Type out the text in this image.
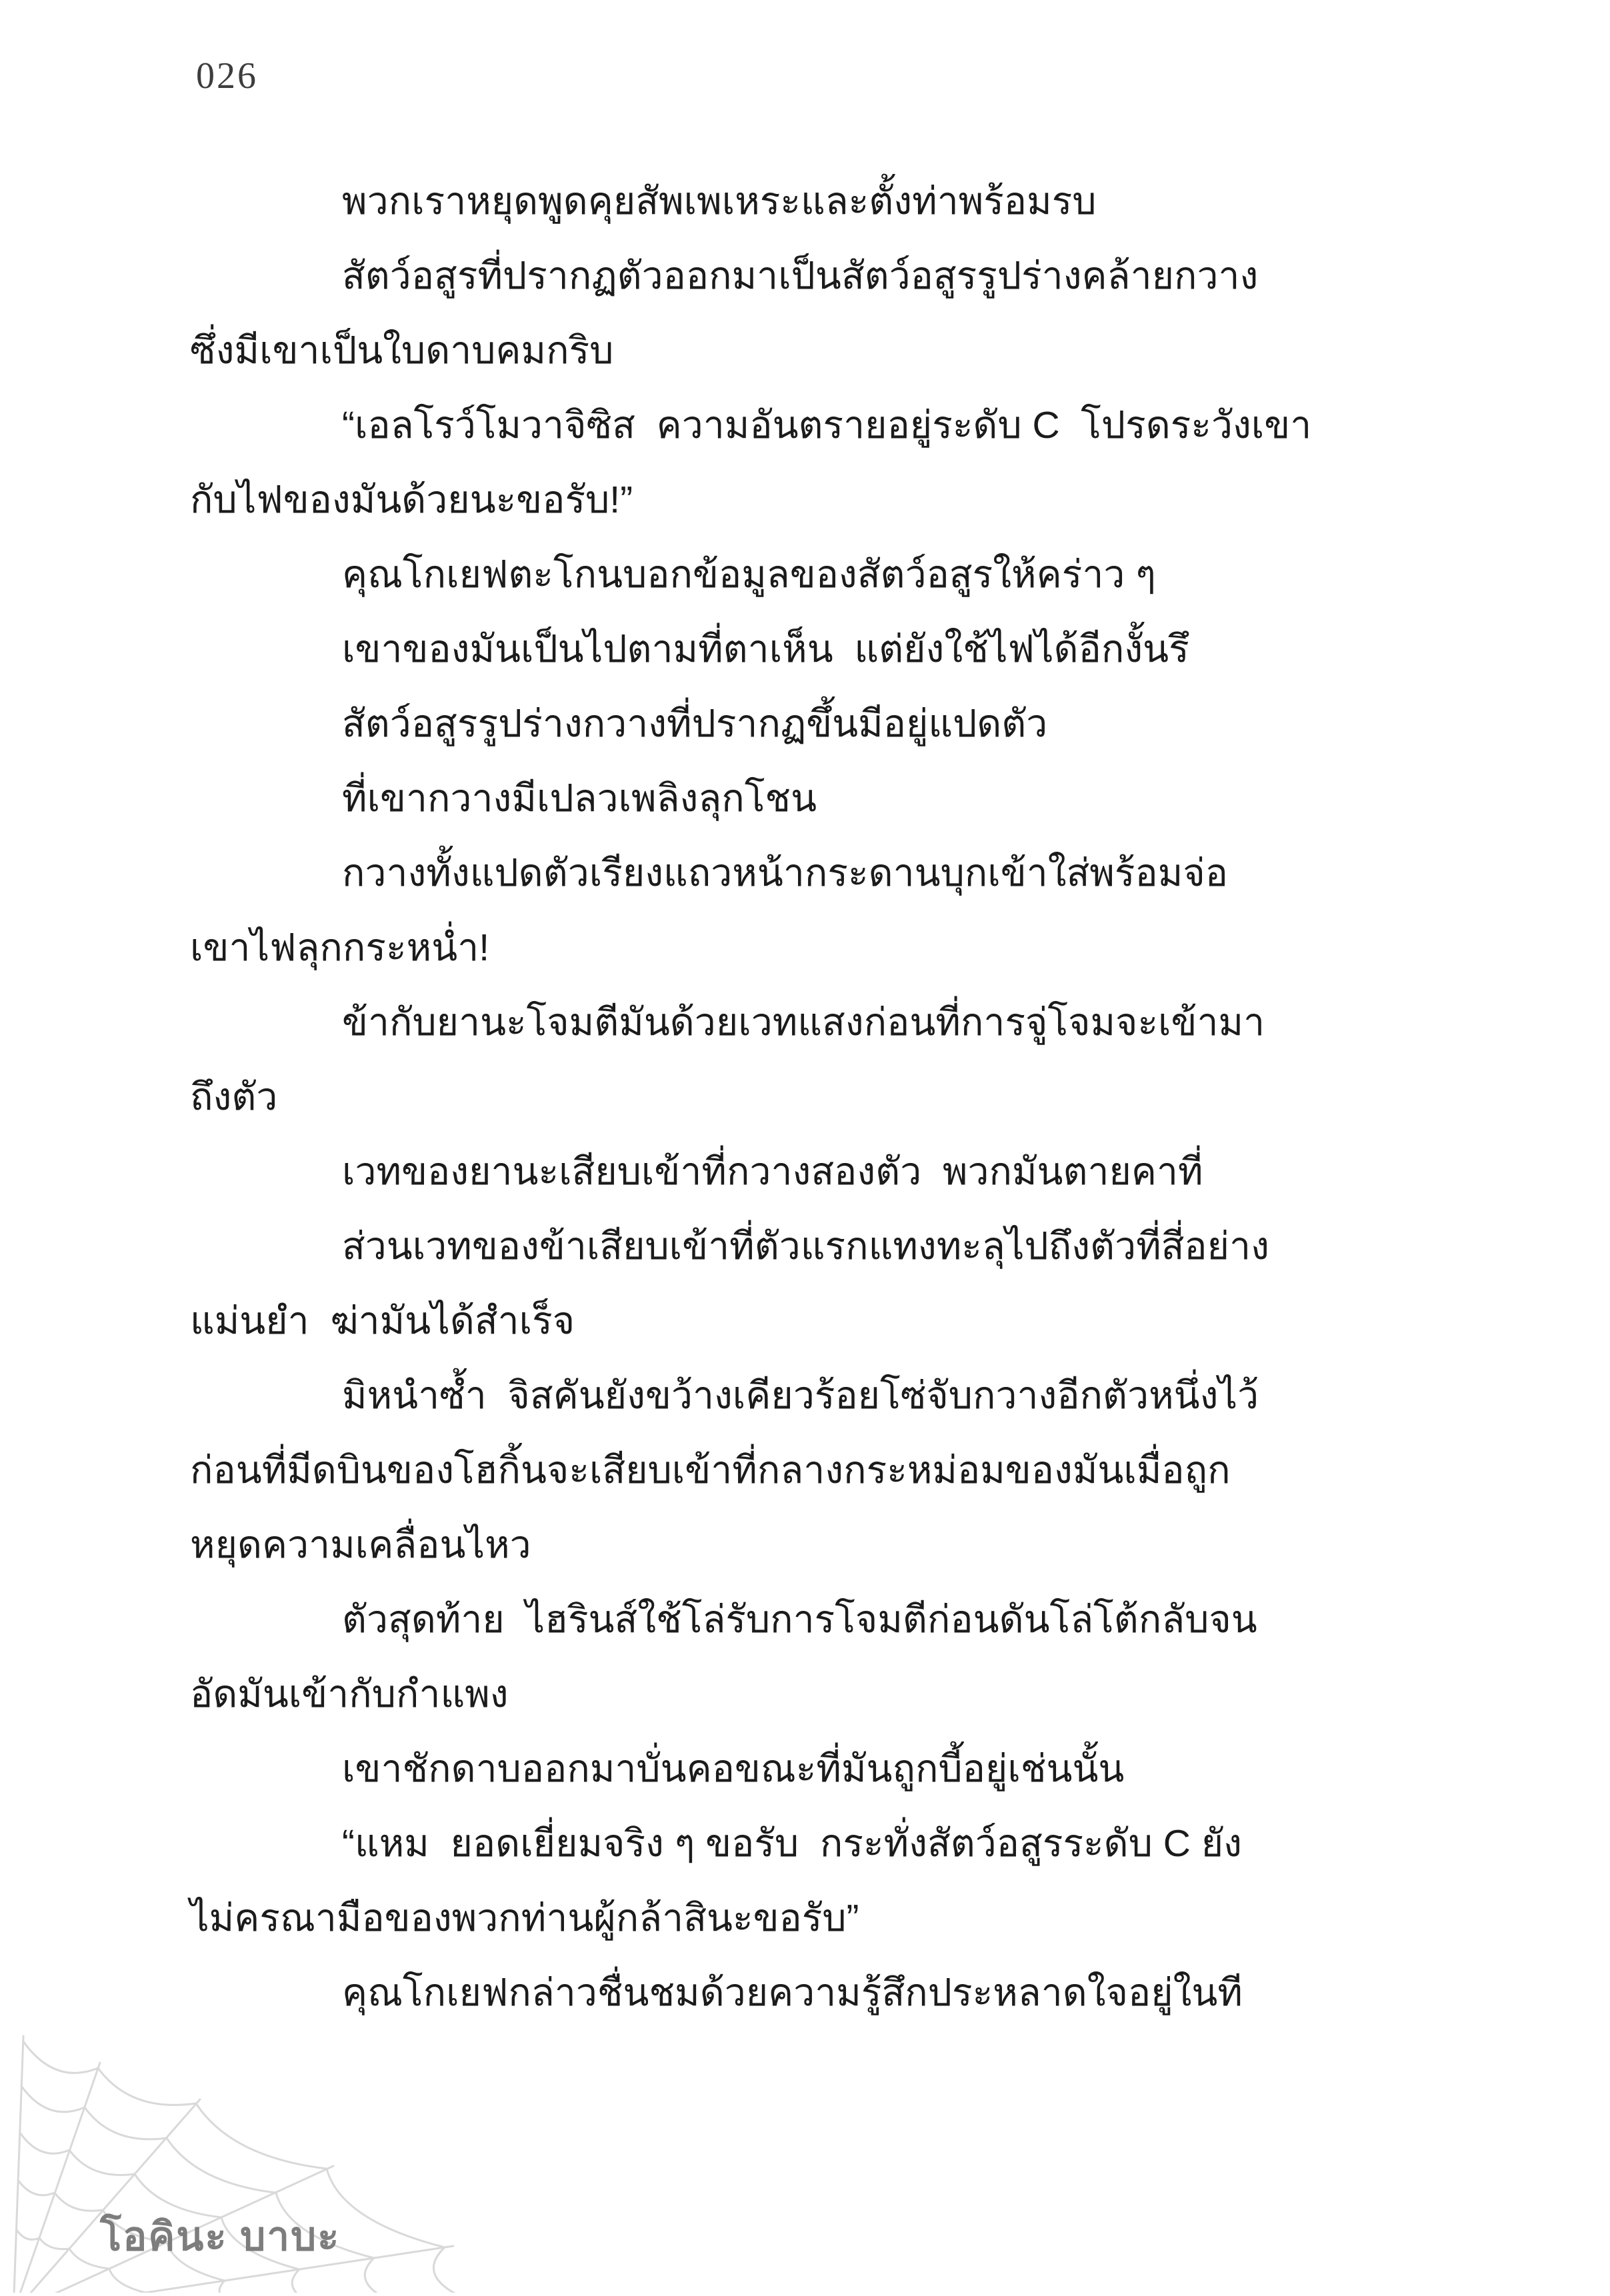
026
พวกเราหยุดพูดคุยสัพเพเหระและตั้งท่าพร้อมรบ
สัตว์อสูรที่ปรากฏตัวออกมาเป็นสัตว์อสูรรูปร่างคล้ายกวาง
ซึ่งมีเขาเป็นใบดาบคมกริบ
“เอลโรว์โมวาจิซิส  ความอันตรายอยู่ระดับ C  โปรดระวังเขา
กับไฟของมันด้วยนะขอรับ!”
คุณโกเยฟตะโกนบอกข้อมูลของสัตว์อสูรให้คร่าว ๆ
เขาของมันเป็นไปตามที่ตาเห็น  แต่ยังใช้ไฟได้อีกงั้นรึ
สัตว์อสูรรูปร่างกวางที่ปรากฏขึ้นมีอยู่แปดตัว
ที่เขากวางมีเปลวเพลิงลุกโชน
กวางทั้งแปดตัวเรียงแถวหน้ากระดานบุกเข้าใส่พร้อมจ่อ
เขาไฟลุกกระหน่ำ!
ข้ากับยานะโจมตีมันด้วยเวทแสงก่อนที่การจู่โจมจะเข้ามา
ถึงตัว
เวทของยานะเสียบเข้าที่กวางสองตัว  พวกมันตายคาที่
ส่วนเวทของข้าเสียบเข้าที่ตัวแรกแทงทะลุไปถึงตัวที่สี่อย่าง
แม่นยำ  ฆ่ามันได้สำเร็จ
มิหนำซ้ำ  จิสคันยังขว้างเคียวร้อยโซ่จับกวางอีกตัวหนึ่งไว้
ก่อนที่มีดบินของโฮกิ้นจะเสียบเข้าที่กลางกระหม่อมของมันเมื่อถูก
หยุดความเคลื่อนไหว
ตัวสุดท้าย  ไฮรินส์ใช้โล่รับการโจมตีก่อนดันโล่โต้กลับจน
อัดมันเข้ากับกำแพง
เขาชักดาบออกมาบั่นคอขณะที่มันถูกบี้อยู่เช่นนั้น
“แหม  ยอดเยี่ยมจริง ๆ ขอรับ  กระทั่งสัตว์อสูรระดับ C ยัง
ไม่ครณามือของพวกท่านผู้กล้าสินะขอรับ”
คุณโกเยฟกล่าวชื่นชมด้วยความรู้สึกประหลาดใจอยู่ในที
โอคินะ บาบะ
